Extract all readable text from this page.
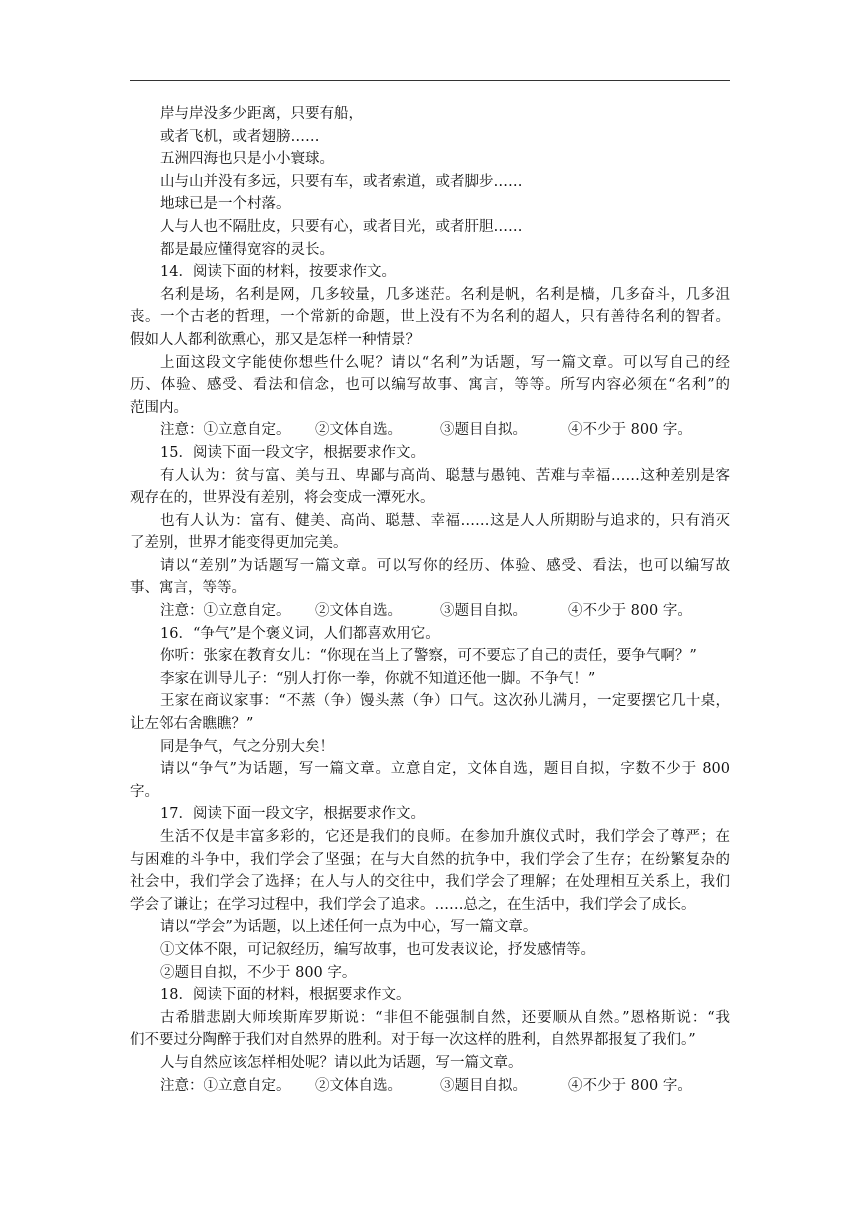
岸与岸没多少距离，只要有船，
或者飞机，或者翅膀……
五洲四海也只是小小寰球。
山与山并没有多远，只要有车，或者索道，或者脚步……
地球已是一个村落。
人与人也不隔肚皮，只要有心，或者目光，或者肝胆……
都是最应懂得宽容的灵长。
14．阅读下面的材料，按要求作文。
名利是场，名利是网，几多较量，几多迷茫。名利是帆，名利是樯，几多奋斗，几多沮
丧。一个古老的哲理，一个常新的命题，世上没有不为名利的超人，只有善待名利的智者。
假如人人都利欲熏心，那又是怎样一种情景？
上面这段文字能使你想些什么呢？请以“名利”为话题，写一篇文章。可以写自己的经
历、体验、感受、看法和信念，也可以编写故事、寓言，等等。所写内容必须在“名利”的
范围内。
注意：①立意自定。 ②文体自选。	③题目自拟。	④不少于 800 字。
15．阅读下面一段文字，根据要求作文。
有人认为：贫与富、美与丑、卑鄙与高尚、聪慧与愚钝、苦难与幸福……这种差别是客
观存在的，世界没有差别，将会变成一潭死水。
也有人认为：富有、健美、高尚、聪慧、幸福……这是人人所期盼与追求的，只有消灭
了差别，世界才能变得更加完美。
请以“差别”为话题写一篇文章。可以写你的经历、体验、感受、看法，也可以编写故
事、寓言，等等。
注意：①立意自定。 ②文体自选。	③题目自拟。	④不少于 800 字。
16．“争气”是个褒义词，人们都喜欢用它。
你听：张家在教育女儿：“你现在当上了警察，可不要忘了自己的责任，要争气啊？”
李家在训导儿子：“别人打你一拳，你就不知道还他一脚。不争气！”
王家在商议家事：“不蒸（争）馒头蒸（争）口气。这次孙儿满月，一定要摆它几十桌，
让左邻右舍瞧瞧？”
同是争气，气之分别大矣！
请以“争气”为话题，写一篇文章。立意自定，文体自选，题目自拟，字数不少于 800
字。
17．阅读下面一段文字，根据要求作文。
生活不仅是丰富多彩的，它还是我们的良师。在参加升旗仪式时，我们学会了尊严；在
与困难的斗争中，我们学会了坚强；在与大自然的抗争中，我们学会了生存；在纷繁复杂的
社会中，我们学会了选择；在人与人的交往中，我们学会了理解；在处理相互关系上，我们
学会了谦让；在学习过程中，我们学会了追求。……总之，在生活中，我们学会了成长。
请以“学会”为话题，以上述任何一点为中心，写一篇文章。
①文体不限，可记叙经历，编写故事，也可发表议论，抒发感情等。
②题目自拟，不少于 800 字。
18．阅读下面的材料，根据要求作文。
古希腊悲剧大师埃斯库罗斯说：“非但不能强制自然，还要顺从自然。”恩格斯说：“我
们不要过分陶醉于我们对自然界的胜利。对于每一次这样的胜利，自然界都报复了我们。”
人与自然应该怎样相处呢？请以此为话题，写一篇文章。
注意：①立意自定。 ②文体自选。	③题目自拟。	④不少于 800 字。
